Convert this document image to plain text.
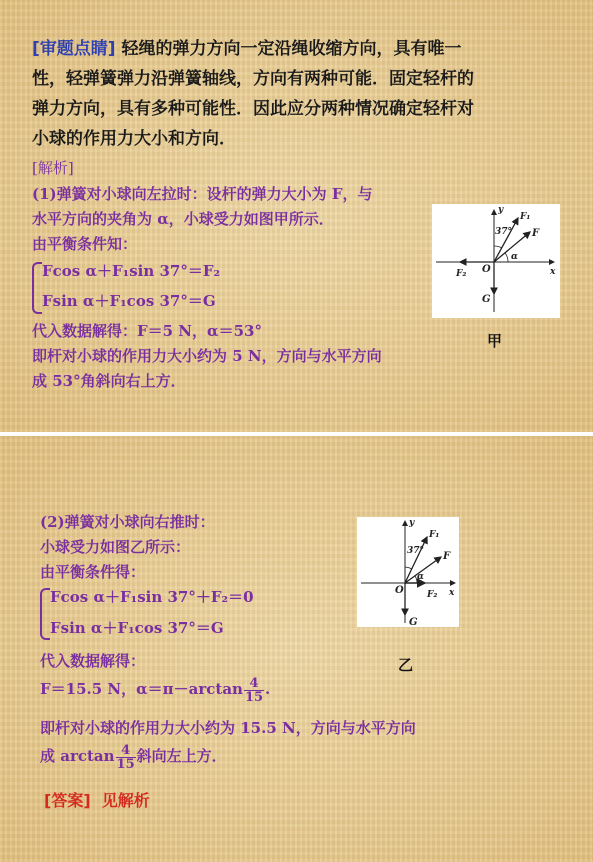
[审题点睛] 轻绳的弹力方向一定沿绳收缩方向，具有唯一
性，轻弹簧弹力沿弹簧轴线，方向有两种可能．固定轻杆的
弹力方向，具有多种可能性．因此应分两种情况确定轻杆对
小球的作用力大小和方向．
[解析]
(1)弹簧对小球向左拉时：设杆的弹力大小为 F，与
水平方向的夹角为 α，小球受力如图甲所示．
由平衡条件知：
Fcos α＋F₁sin 37°＝F₂
Fsin α＋F₁cos 37°＝G
代入数据解得：F＝5 N，α＝53°
即杆对小球的作用力大小约为 5 N，方向与水平方向
成 53°角斜向右上方．
y
x
O
F₁
F
F₂
G
37°
α
甲
(2)弹簧对小球向右推时：
小球受力如图乙所示：
由平衡条件得：
Fcos α＋F₁sin 37°＋F₂＝0
Fsin α＋F₁cos 37°＝G
代入数据解得：
F＝15.5 N，$\alpha=\pi-\arctan \frac{4}{15}$ .
即杆对小球的作用力大小约为 15.5 N，方向与水平方向
成 $\arctan \frac{4}{15}$ 斜向左上方．
[答案] 见解析
y
x
O
F₁
F
F₂
G
37°
α
乙
